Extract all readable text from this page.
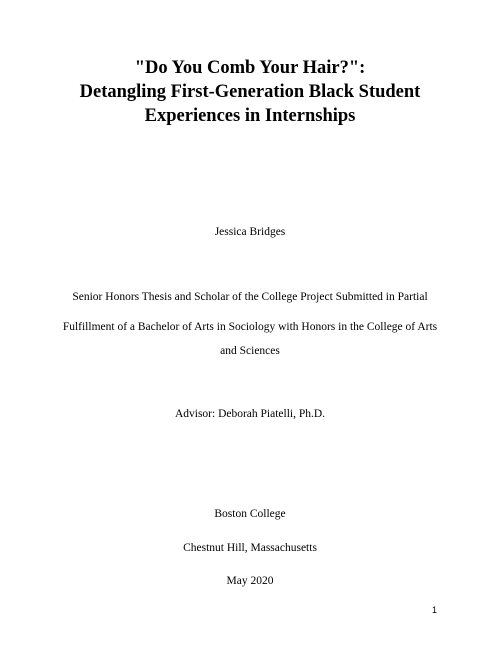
"Do You Comb Your Hair?":
Detangling First-Generation Black Student
Experiences in Internships
Jessica Bridges
Senior Honors Thesis and Scholar of the College Project Submitted in Partial
Fulfillment of a Bachelor of Arts in Sociology with Honors in the College of Arts
and Sciences
Advisor: Deborah Piatelli, Ph.D.
Boston College
Chestnut Hill, Massachusetts
May 2020
1
